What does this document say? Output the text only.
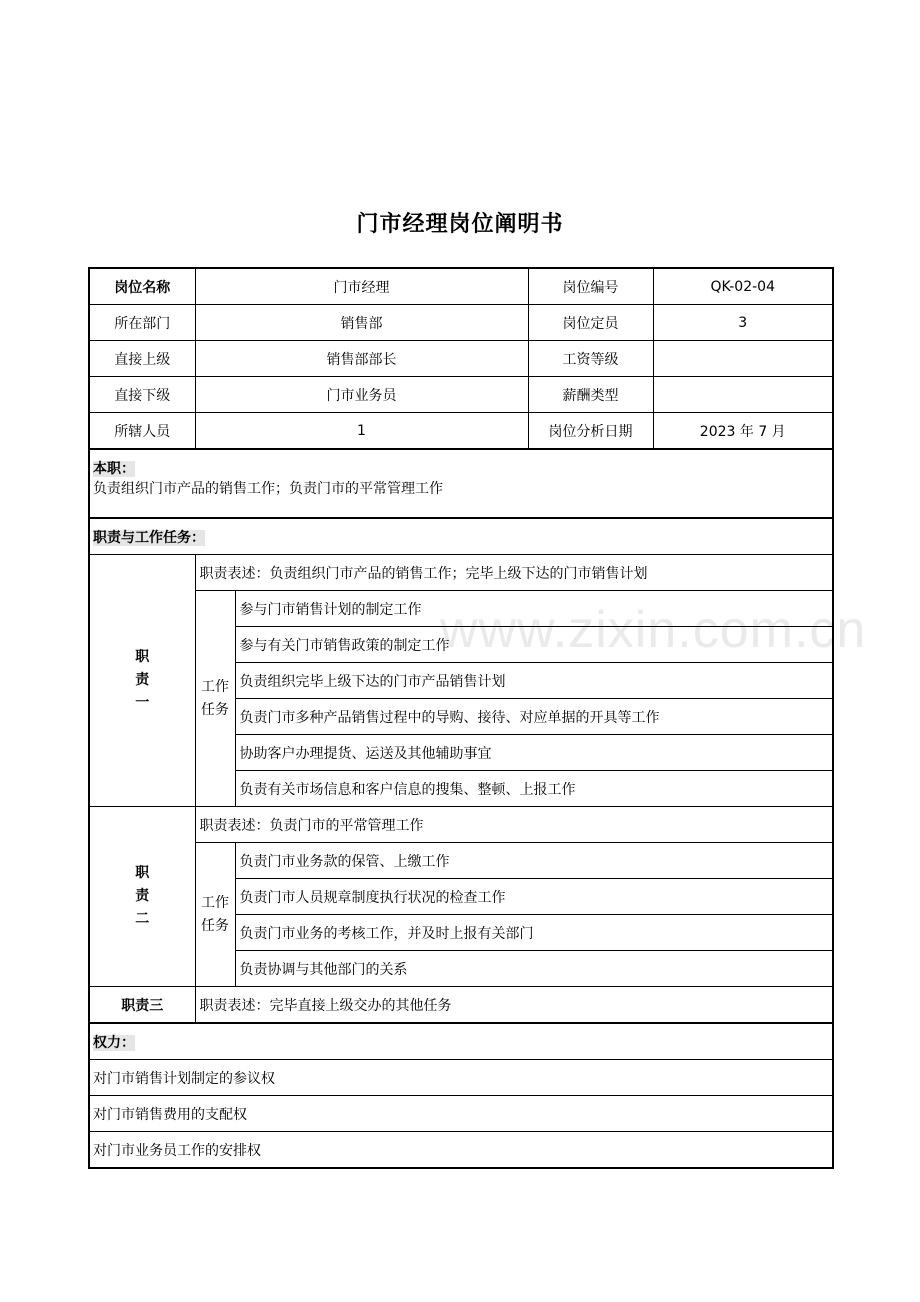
门市经理岗位阐明书
www.zixin.com.cn
岗位名称	门市经理		岗位编号	QK-02-04
所在部门	销售部		岗位定员	3
直接上级	销售部部长		工资等级	
直接下级	门市业务员		薪酬类型	
所辖人员	1		岗位分析日期	2023 年 7 月
本职：
负责组织门市产品的销售工作；负责门市的平常管理工作				
职责与工作任务：				
职
责
一	职责表述：负责组织门市产品的销售工作；完毕上级下达的门市销售计划			
	工作
任务	参与门市销售计划的制定工作		
		参与有关门市销售政策的制定工作		
		负责组织完毕上级下达的门市产品销售计划		
		负责门市多种产品销售过程中的导购、接待、对应单据的开具等工作		
		协助客户办理提货、运送及其他辅助事宜		
		负责有关市场信息和客户信息的搜集、整顿、上报工作		
职
责
二	职责表述：负责门市的平常管理工作			
	工作
任务	负责门市业务款的保管、上缴工作		
		负责门市人员规章制度执行状况的检查工作		
		负责门市业务的考核工作，并及时上报有关部门		
		负责协调与其他部门的关系		
职责三	职责表述：完毕直接上级交办的其他任务			
权力：				
对门市销售计划制定的参议权				
对门市销售费用的支配权				
对门市业务员工作的安排权				
